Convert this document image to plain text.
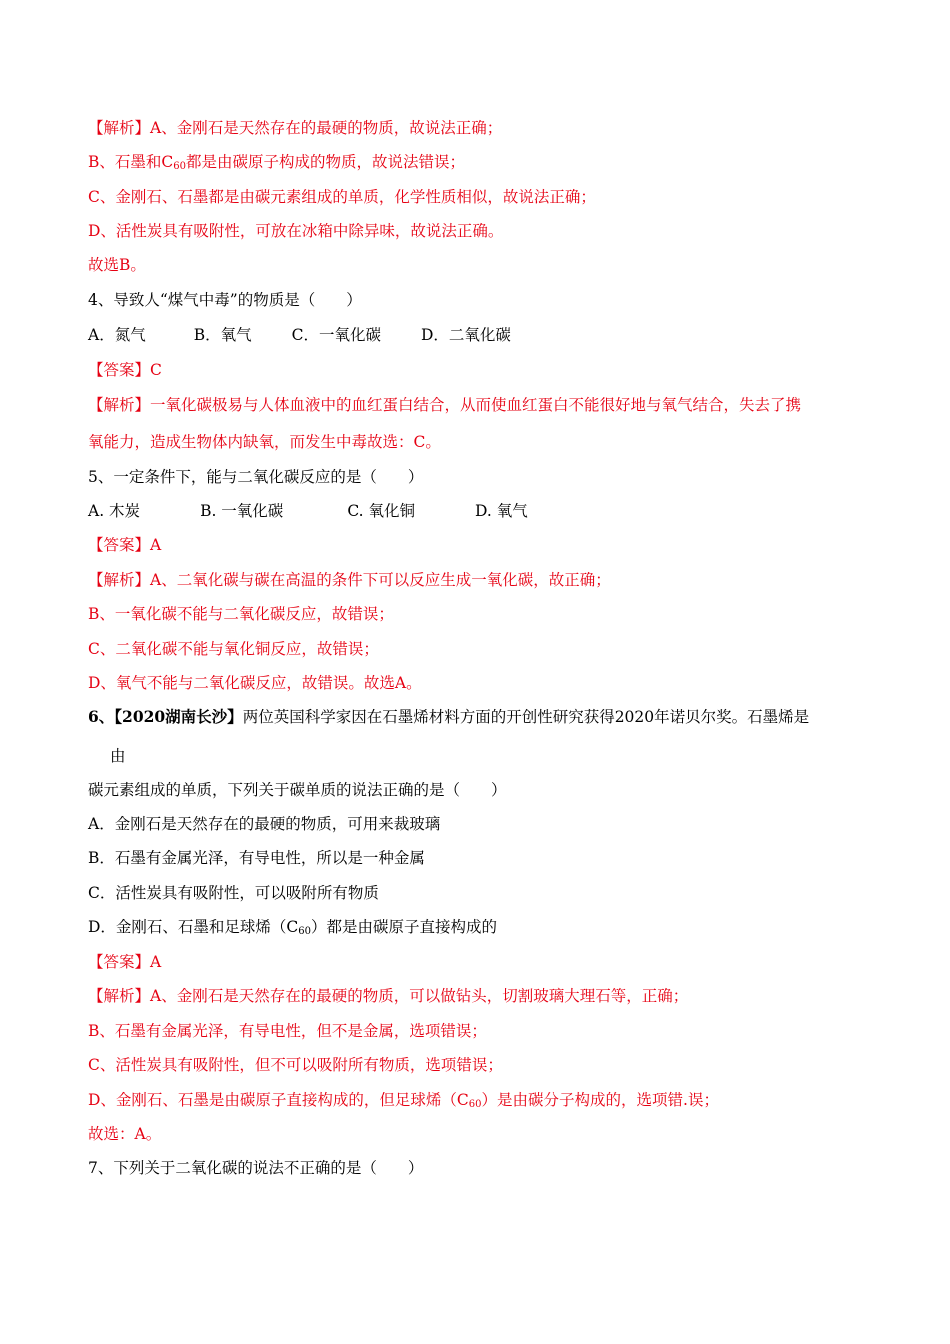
【解析】A、金刚石是天然存在的最硬的物质，故说法正确；
B、石墨和$C_{60}$都是由碳原子构成的物质，故说法错误；
C、金刚石、石墨都是由碳元素组成的单质，化学性质相似，故说法正确；
D、活性炭具有吸附性，可放在冰箱中除异味，故说法正确。
故选B。
4、导致人“煤气中毒”的物质是（　　）
A．氮气	B．氧气	C．一氧化碳	D．二氧化碳
【答案】C
【解析】一氧化碳极易与人体血液中的血红蛋白结合，从而使血红蛋白不能很好地与氧气结合，失去了携
氧能力，造成生物体内缺氧，而发生中毒故选：C。
5、一定条件下，能与二氧化碳反应的是（　　）
A. 木炭	B. 一氧化碳	C. 氧化铜	D. 氧气
【答案】A
【解析】A、二氧化碳与碳在高温的条件下可以反应生成一氧化碳，故正确；
B、一氧化碳不能与二氧化碳反应，故错误；
C、二氧化碳不能与氧化铜反应，故错误；
D、氧气不能与二氧化碳反应，故错误。故选A。
6、【2020湖南长沙】两位英国科学家因在石墨烯材料方面的开创性研究获得2020年诺贝尔奖。石墨烯是
由
碳元素组成的单质，下列关于碳单质的说法正确的是（　　）
A．金刚石是天然存在的最硬的物质，可用来裁玻璃
B．石墨有金属光泽，有导电性，所以是一种金属
C．活性炭具有吸附性，可以吸附所有物质
D．金刚石、石墨和足球烯$(C_{60})$都是由碳原子直接构成的
【答案】A
【解析】A、金刚石是天然存在的最硬的物质，可以做钻头，切割玻璃大理石等，正确；
B、石墨有金属光泽，有导电性，但不是金属，选项错误；
C、活性炭具有吸附性，但不可以吸附所有物质，选项错误；
D、金刚石、石墨是由碳原子直接构成的，但足球烯$(C_{60})$是由碳分子构成的，选项错.误；
故选：A。
7、下列关于二氧化碳的说法不正确的是（　　）
